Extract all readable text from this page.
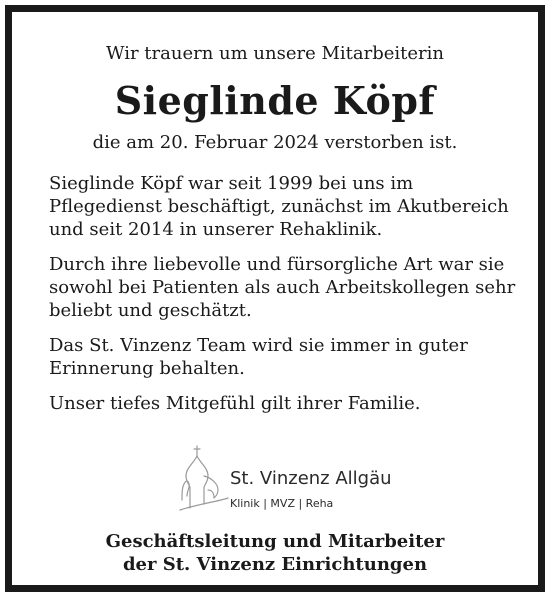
Wir trauern um unsere Mitarbeiterin
Sieglinde Köpf
die am 20. Februar 2024 verstorben ist.

Sieglinde Köpf war seit 1999 bei uns im Pflegedienst beschäftigt, zunächst im Akutbereich und seit 2014 in unserer Rehaklinik.

Durch ihre liebevolle und fürsorgliche Art war sie sowohl bei Patienten als auch Arbeitskollegen sehr beliebt und geschätzt.

Das St. Vinzenz Team wird sie immer in guter Erinnerung behalten.

Unser tiefes Mitgefühl gilt ihrer Familie.

St. Vinzenz Allgäu
Klinik | MVZ | Reha
Geschäftsleitung und Mitarbeiter
der St. Vinzenz Einrichtungen
